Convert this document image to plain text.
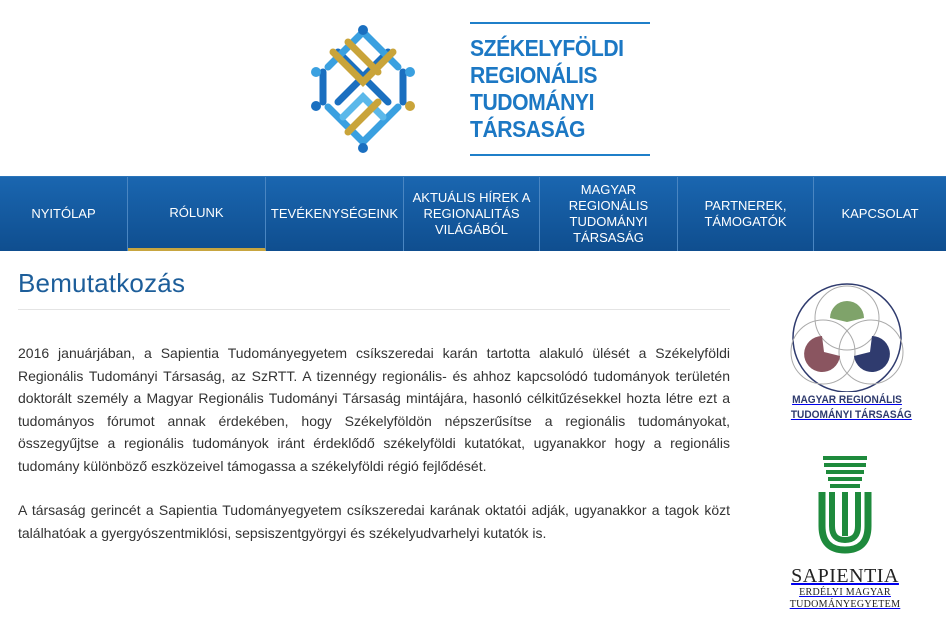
SZÉKELYFÖLDI
REGIONÁLIS
TUDOMÁNYI
TÁRSASÁG
NYITÓLAP	RÓLUNK	TEVÉKENYSÉGEINK
AKTUÁLIS HÍREK A REGIONALITÁS VILÁGÁBÓL
MAGYAR REGIONÁLIS TUDOMÁNYI TÁRSASÁG
PARTNEREK, TÁMOGATÓK
KAPCSOLAT
Bemutatkozás

2016 januárjában, a Sapientia Tudományegyetem csíkszeredai karán tartotta alakuló ülését a Székelyföldi Regionális Tudományi Társaság, az SzRTT. A tizennégy regionális- és ahhoz kapcsolódó tudományok területén doktorált személy a Magyar Regionális Tudományi Társaság mintájára, hasonló célkitűzésekkel hozta létre ezt a tudományos fórumot annak érdekében, hogy Székelyföldön népszerűsítse a regionális tudományokat, összegyűjtse a regionális tudományok iránt érdeklődő székelyföldi kutatókat, ugyanakkor hogy a regionális tudomány különböző eszközeivel támogassa a székelyföldi régió fejlődését.

A társaság gerincét a Sapientia Tudományegyetem csíkszeredai karának oktatói adják, ugyanakkor a tagok közt találhatóak a gyergyószentmiklósi, sepsiszentgyörgyi és székelyudvarhelyi kutatók is.

MAGYAR REGIONÁLIS
TUDOMÁNYI TÁRSASÁG
SAPIENTIA
ERDÉLYI MAGYAR
TUDOMÁNYEGYETEM
